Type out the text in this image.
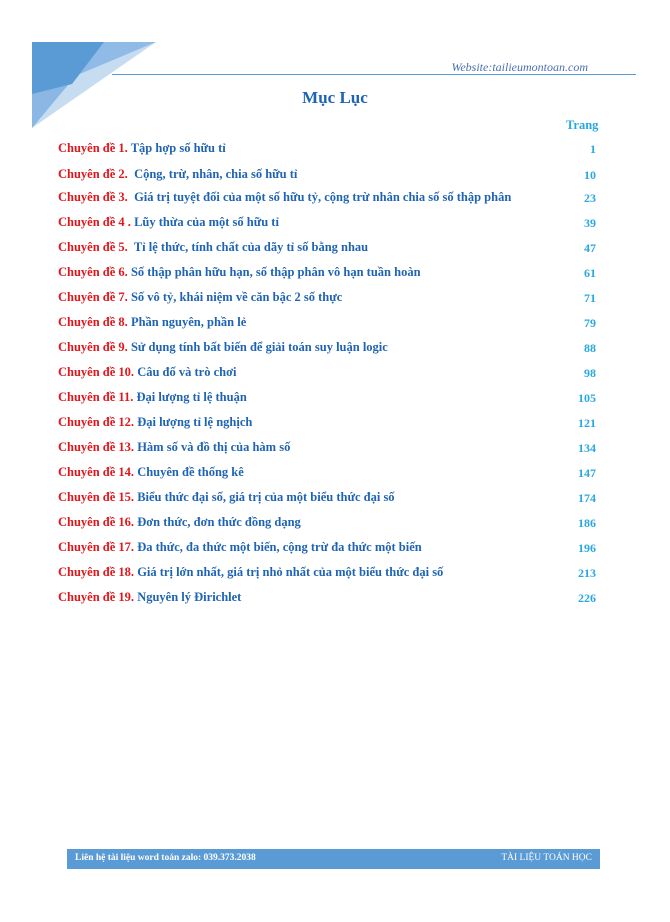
Website:tailieumontoan.com
Mục Lục
Trang
Chuyên đề 1. Tập hợp số hữu tỉ	1
Chuyên đề 2.  Cộng, trừ, nhân, chia số hữu tỉ	10
Chuyên đề 3.  Giá trị tuyệt đối của một số hữu tỷ, cộng trừ nhân chia số số thập phân	23
Chuyên đề 4 . Lũy thừa của một số hữu tỉ	39
Chuyên đề 5.  Tỉ lệ thức, tính chất của dãy tỉ số bằng nhau	47
Chuyên đề 6. Số thập phân hữu hạn, số thập phân vô hạn tuần hoàn	61
Chuyên đề 7. Số vô tỷ, khái niệm về căn bậc 2 số thực	71
Chuyên đề 8. Phần nguyên, phần lẻ	79
Chuyên đề 9. Sử dụng tính bất biến để giải toán suy luận logic	88
Chuyên đề 10. Câu đố và trò chơi	98
Chuyên đề 11. Đại lượng tỉ lệ thuận	105
Chuyên đề 12. Đại lượng tỉ lệ nghịch	121
Chuyên đề 13. Hàm số và đồ thị của hàm số	134
Chuyên đề 14. Chuyên đề thống kê	147
Chuyên đề 15. Biểu thức đại số, giá trị của một biểu thức đại số	174
Chuyên đề 16. Đơn thức, đơn thức đồng dạng	186
Chuyên đề 17. Đa thức, đa thức một biến, cộng trừ đa thức một biến	196
Chuyên đề 18. Giá trị lớn nhất, giá trị nhỏ nhất của một biểu thức đại số	213
Chuyên đề 19. Nguyên lý Đirichlet	226
Liên hệ tài liệu word toán zalo: 039.373.2038	TÀI LIỆU TOÁN HỌC
